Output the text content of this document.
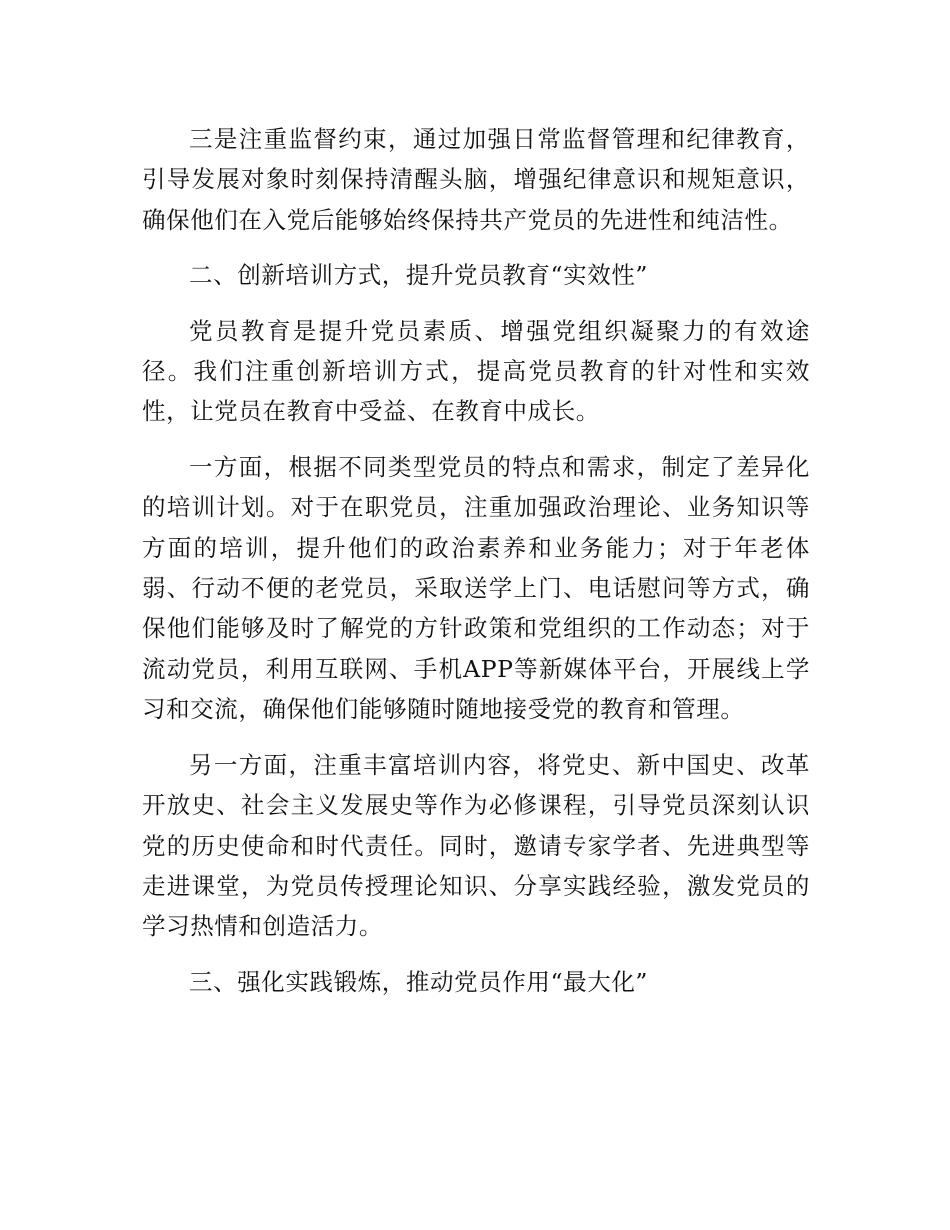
三是注重监督约束，通过加强日常监督管理和纪律教育，引导发展对象时刻保持清醒头脑，增强纪律意识和规矩意识，确保他们在入党后能够始终保持共产党员的先进性和纯洁性。

二、创新培训方式，提升党员教育“实效性”

党员教育是提升党员素质、增强党组织凝聚力的有效途径。我们注重创新培训方式，提高党员教育的针对性和实效性，让党员在教育中受益、在教育中成长。

一方面，根据不同类型党员的特点和需求，制定了差异化的培训计划。对于在职党员，注重加强政治理论、业务知识等方面的培训，提升他们的政治素养和业务能力；对于年老体弱、行动不便的老党员，采取送学上门、电话慰问等方式，确保他们能够及时了解党的方针政策和党组织的工作动态；对于流动党员，利用互联网、手机APP等新媒体平台，开展线上学习和交流，确保他们能够随时随地接受党的教育和管理。

另一方面，注重丰富培训内容，将党史、新中国史、改革开放史、社会主义发展史等作为必修课程，引导党员深刻认识党的历史使命和时代责任。同时，邀请专家学者、先进典型等走进课堂，为党员传授理论知识、分享实践经验，激发党员的学习热情和创造活力。

三、强化实践锻炼，推动党员作用“最大化”
